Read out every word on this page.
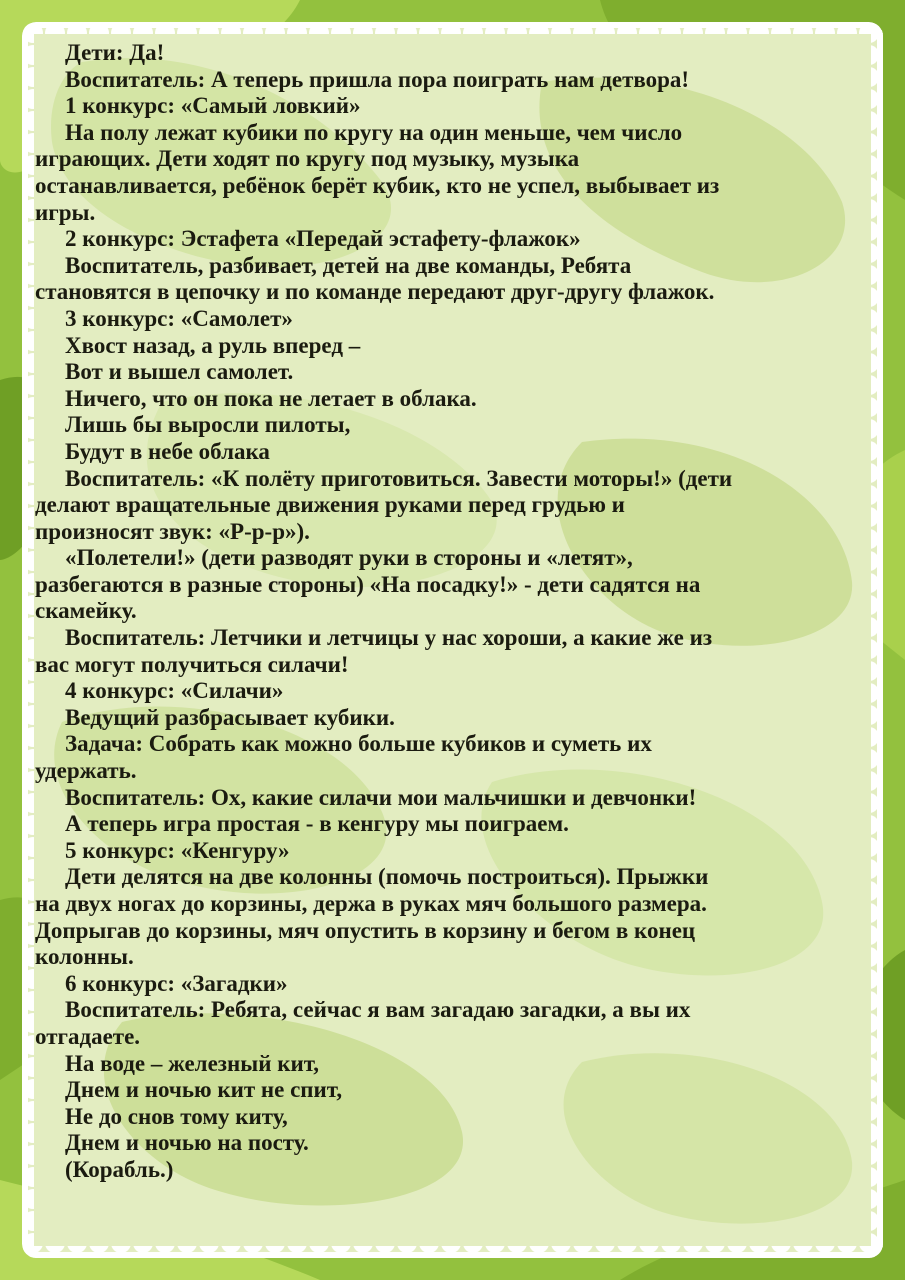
Дети: Да!
Воспитатель: А теперь пришла пора поиграть нам детвора!
1 конкурс: «Самый ловкий»
На полу лежат кубики по кругу на один меньше, чем число
играющих. Дети ходят по кругу под музыку, музыка
останавливается, ребёнок берёт кубик, кто не успел, выбывает из
игры.
2 конкурс: Эстафета «Передай эстафету-флажок»
Воспитатель, разбивает, детей на две команды, Ребята
становятся в цепочку и по команде передают друг-другу флажок.
3 конкурс: «Самолет»
Хвост назад, а руль вперед –
Вот и вышел самолет.
Ничего, что он пока не летает в облака.
Лишь бы выросли пилоты,
Будут в небе облака
Воспитатель: «К полёту приготовиться. Завести моторы!» (дети
делают вращательные движения руками перед грудью и
произносят звук: «Р-р-р»).
«Полетели!» (дети разводят руки в стороны и «летят»,
разбегаются в разные стороны) «На посадку!» - дети садятся на
скамейку.
Воспитатель: Летчики и летчицы у нас хороши, а какие же из
вас могут получиться силачи!
4 конкурс: «Силачи»
Ведущий разбрасывает кубики.
Задача: Собрать как можно больше кубиков и суметь их
удержать.
Воспитатель: Ох, какие силачи мои мальчишки и девчонки!
А теперь игра простая - в кенгуру мы поиграем.
5 конкурс: «Кенгуру»
Дети делятся на две колонны (помочь построиться). Прыжки
на двух ногах до корзины, держа в руках мяч большого размера.
Допрыгав до корзины, мяч опустить в корзину и бегом в конец
колонны.
6 конкурс: «Загадки»
Воспитатель: Ребята, сейчас я вам загадаю загадки, а вы их
отгадаете.
На воде – железный кит,
Днем и ночью кит не спит,
Не до снов тому киту,
Днем и ночью на посту.
(Корабль.)
